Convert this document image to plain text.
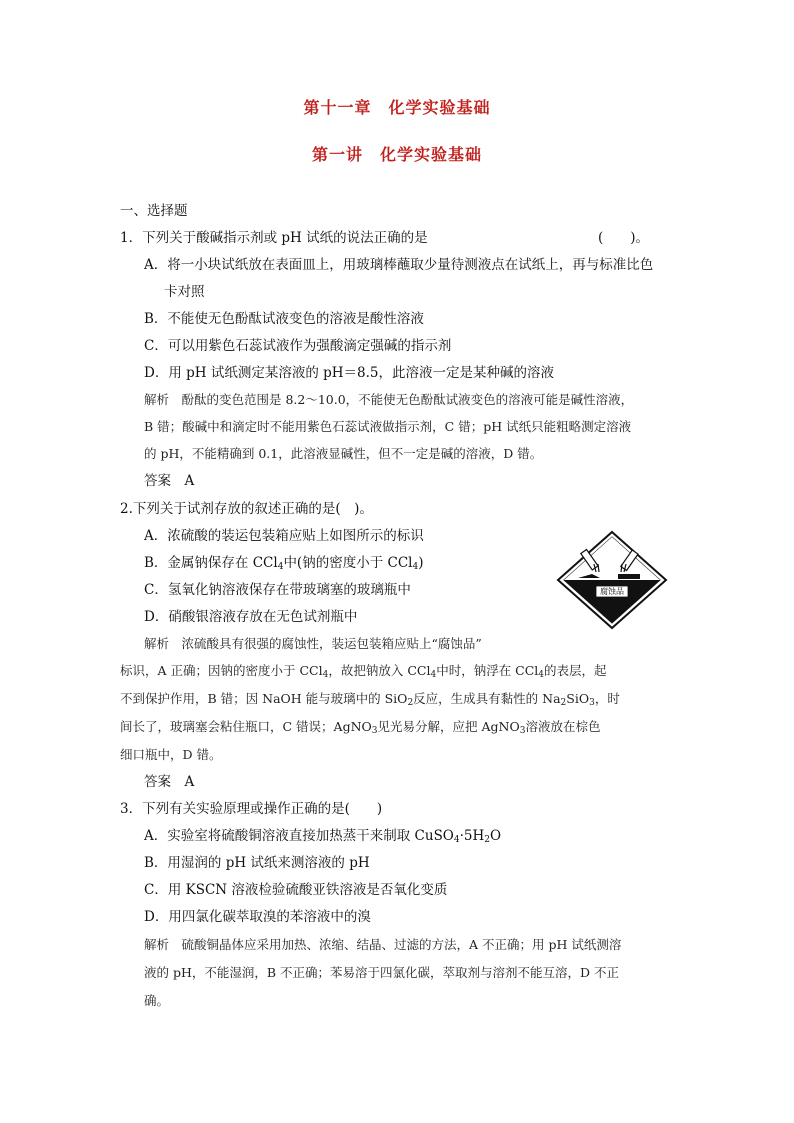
第十一章　化学实验基础
第一讲　化学实验基础
一、选择题
1．下列关于酸碱指示剂或 pH 试纸的说法正确的是	(　　)。
A．将一小块试纸放在表面皿上，用玻璃棒蘸取少量待测液点在试纸上，再与标准比色
卡对照
B．不能使无色酚酞试液变色的溶液是酸性溶液
C．可以用紫色石蕊试液作为强酸滴定强碱的指示剂
D．用 pH 试纸测定某溶液的 pH＝8.5，此溶液一定是某种碱的溶液
解析　酚酞的变色范围是 8.2～10.0，不能使无色酚酞试液变色的溶液可能是碱性溶液，
B 错；酸碱中和滴定时不能用紫色石蕊试液做指示剂，C 错；pH 试纸只能粗略测定溶液
的 pH，不能精确到 0.1，此溶液显碱性，但不一定是碱的溶液，D 错。
答案　A
2.下列关于试剂存放的叙述正确的是(　)。
A．浓硫酸的装运包装箱应贴上如图所示的标识
B．金属钠保存在 CCl$_4$中(钠的密度小于 CCl$_4$)
C．氢氧化钠溶液保存在带玻璃塞的玻璃瓶中
D．硝酸银溶液存放在无色试剂瓶中
腐蚀品
解析　浓硫酸具有很强的腐蚀性，装运包装箱应贴上“腐蚀品”
标识，A 正确；因钠的密度小于 CCl$_4$，故把钠放入 CCl$_4$中时，钠浮在 CCl$_4$的表层，起
不到保护作用，B 错；因 NaOH 能与玻璃中的 SiO$_2$反应，生成具有黏性的 $Na_2SiO_3$，时
间长了，玻璃塞会粘住瓶口，C 错误；AgNO$_3$见光易分解，应把 AgNO$_3$溶液放在棕色
细口瓶中，D 错。
答案　A
3．下列有关实验原理或操作正确的是(　　)
A．实验室将硫酸铜溶液直接加热蒸干来制取 $CuSO_4\cdot 5H_2O$
B．用湿润的 pH 试纸来测溶液的 pH
C．用 KSCN 溶液检验硫酸亚铁溶液是否氧化变质
D．用四氯化碳萃取溴的苯溶液中的溴
解析　硫酸铜晶体应采用加热、浓缩、结晶、过滤的方法，A 不正确；用 pH 试纸测溶
液的 pH，不能湿润，B 不正确；苯易溶于四氯化碳，萃取剂与溶剂不能互溶，D 不正
确。
